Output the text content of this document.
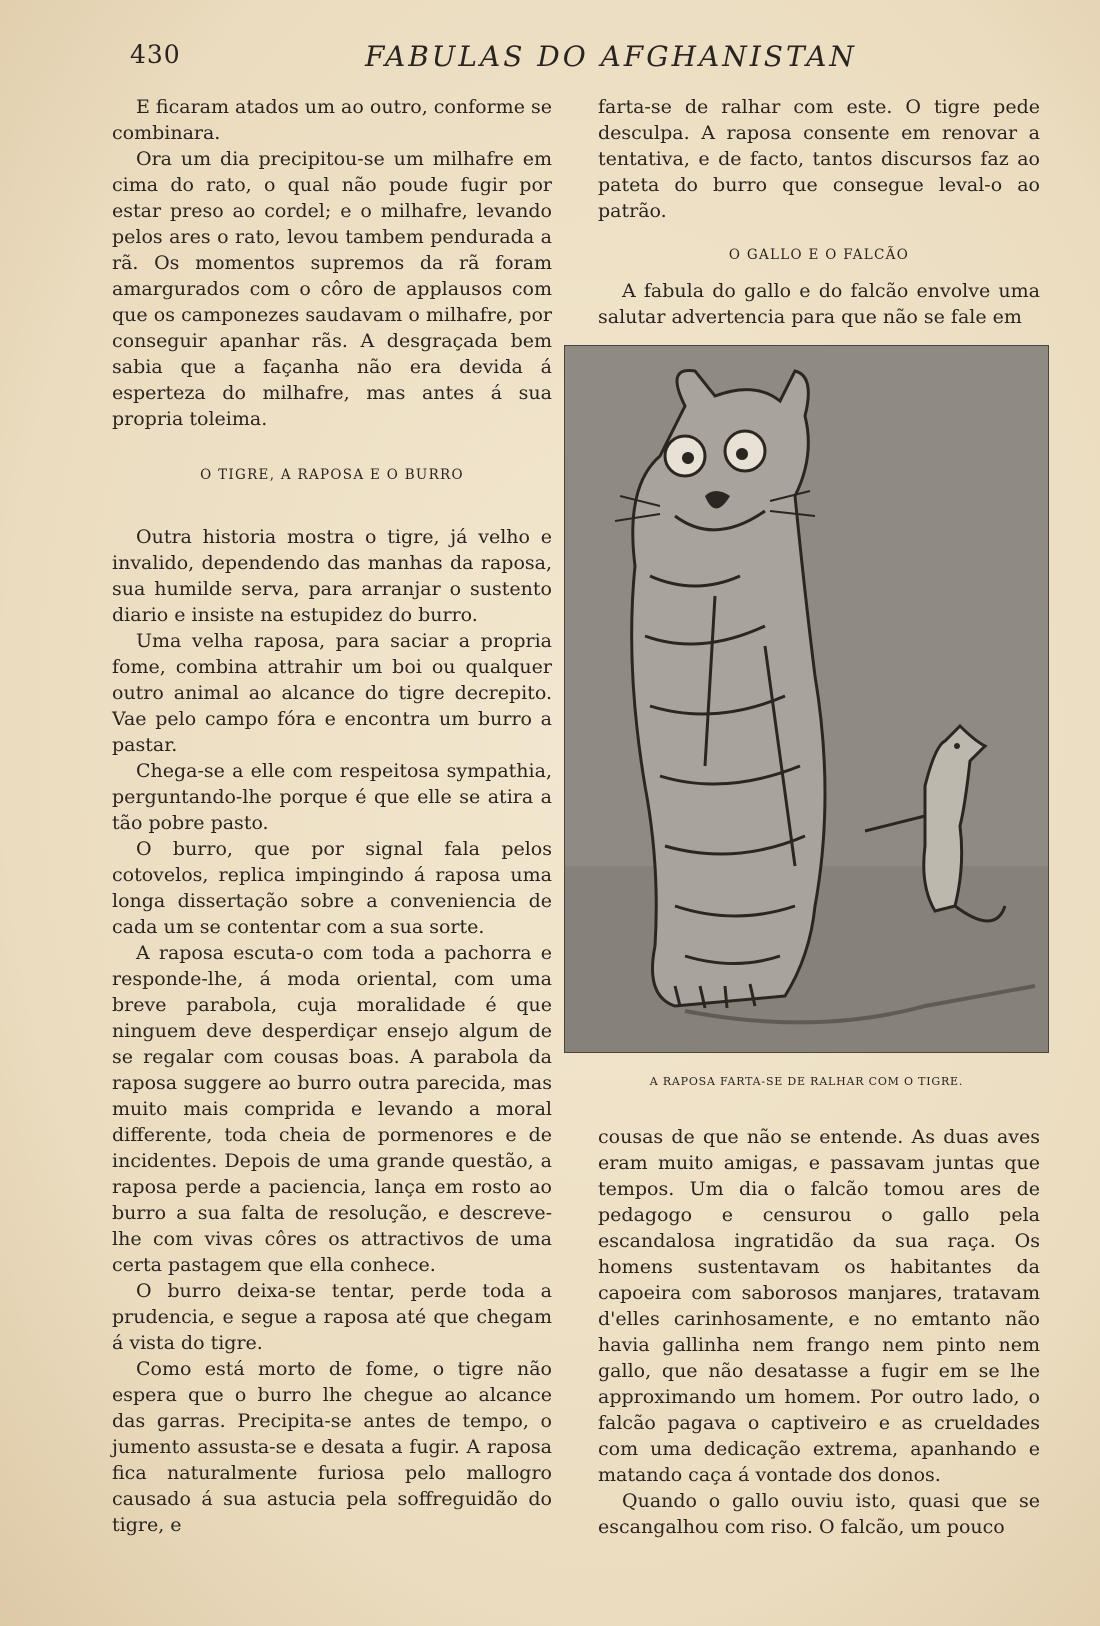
430	FABULAS DO AFGHANISTAN

E ficaram atados um ao outro, conforme se combinara.

Ora um dia precipitou-se um milhafre em cima do rato, o qual não poude fugir por estar preso ao cordel; e o milhafre, levando pelos ares o rato, levou tambem pendurada a rã. Os momentos supremos da rã foram amargurados com o côro de applausos com que os camponezes saudavam o milhafre, por conseguir apanhar rãs. A desgraçada bem sabia que a façanha não era devida á esperteza do milhafre, mas antes á sua propria toleima.

O TIGRE, A RAPOSA E O BURRO

Outra historia mostra o tigre, já velho e invalido, dependendo das manhas da raposa, sua humilde serva, para arranjar o sustento diario e insiste na estupidez do burro.

Uma velha raposa, para saciar a propria fome, combina attrahir um boi ou qualquer outro animal ao alcance do tigre decrepito. Vae pelo campo fóra e encontra um burro a pastar.

Chega-se a elle com respeitosa sympathia, perguntando-lhe porque é que elle se atira a tão pobre pasto.

O burro, que por signal fala pelos cotovelos, replica impingindo á raposa uma longa dissertação sobre a conveniencia de cada um se contentar com a sua sorte.

A raposa escuta-o com toda a pachorra e responde-lhe, á moda oriental, com uma breve parabola, cuja moralidade é que ninguem deve desperdiçar ensejo algum de se regalar com cousas boas. A parabola da raposa suggere ao burro outra parecida, mas muito mais comprida e levando a moral differente, toda cheia de pormenores e de incidentes. Depois de uma grande questão, a raposa perde a paciencia, lança em rosto ao burro a sua falta de resolução, e descreve-lhe com vivas côres os attractivos de uma certa pastagem que ella conhece.

O burro deixa-se tentar, perde toda a prudencia, e segue a raposa até que chegam á vista do tigre.

Como está morto de fome, o tigre não espera que o burro lhe chegue ao alcance das garras. Precipita-se antes de tempo, o jumento assusta-se e desata a fugir. A raposa fica naturalmente furiosa pelo mallogro causado á sua astucia pela soffreguidão do tigre, e

farta-se de ralhar com este. O tigre pede desculpa. A raposa consente em renovar a tentativa, e de facto, tantos discursos faz ao pateta do burro que consegue leval-o ao patrão.

O GALLO E O FALCÃO

A fabula do gallo e do falcão envolve uma salutar advertencia para que não se fale em

A RAPOSA FARTA-SE DE RALHAR COM O TIGRE.

cousas de que não se entende. As duas aves eram muito amigas, e passavam juntas que tempos. Um dia o falcão tomou ares de pedagogo e censurou o gallo pela escandalosa ingratidão da sua raça. Os homens sustentavam os habitantes da capoeira com saborosos manjares, tratavam d'elles carinhosamente, e no emtanto não havia gallinha nem frango nem pinto nem gallo, que não desatasse a fugir em se lhe approximando um homem. Por outro lado, o falcão pagava o captiveiro e as crueldades com uma dedicação extrema, apanhando e matando caça á vontade dos donos.

Quando o gallo ouviu isto, quasi que se escangalhou com riso. O falcão, um pouco
